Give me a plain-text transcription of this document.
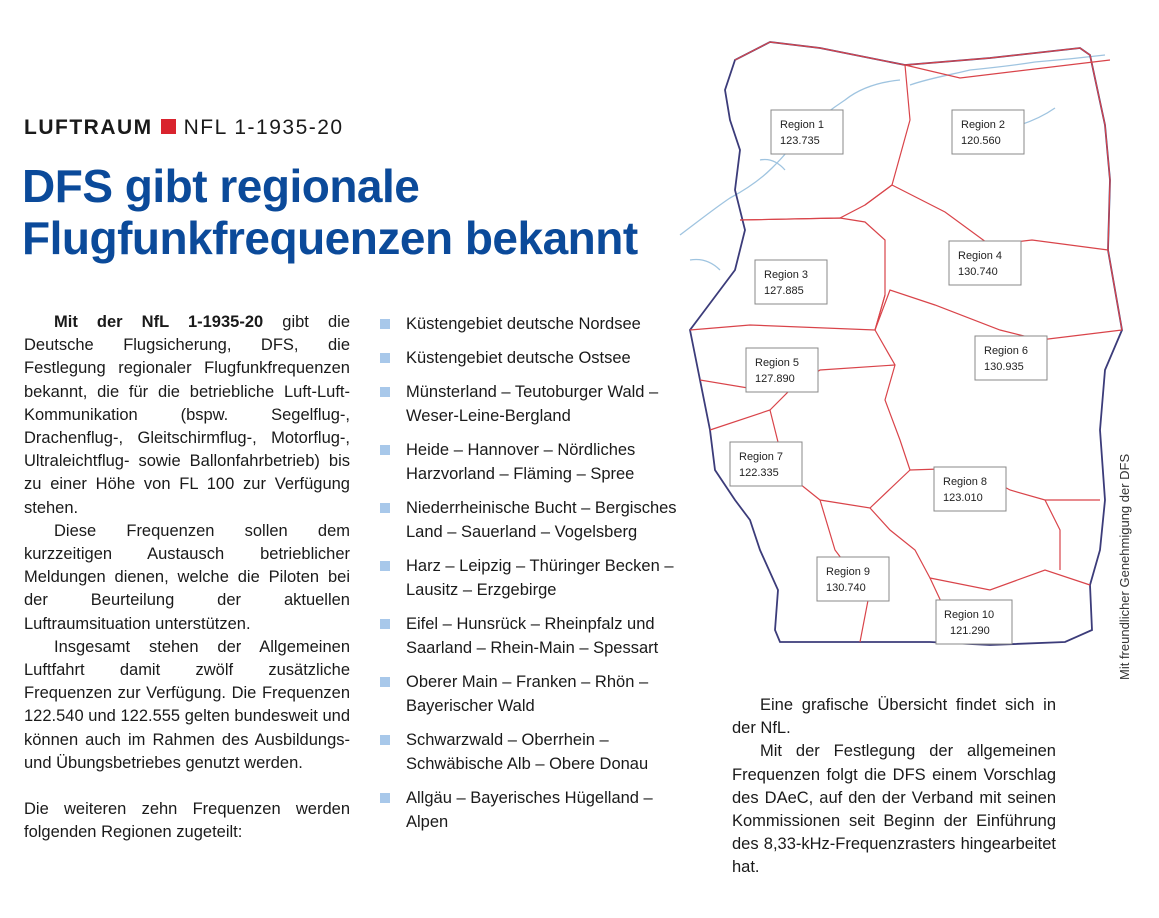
LUFTRAUM NFL 1-1935-20
DFS gibt regionale
Flugfunkfrequenzen bekannt

Mit der NfL 1-1935-20 gibt die Deutsche Flugsicherung, DFS, die Festlegung regionaler Flugfunkfrequenzen bekannt, die für die betriebliche Luft-Luft-Kommunikation (bspw. Segelflug-, Drachenflug-, Gleitschirmflug-, Motorflug-, Ultraleichtflug- sowie Ballonfahrbetrieb) bis zu einer Höhe von FL 100 zur Verfügung stehen.

Diese Frequenzen sollen dem kurzzeitigen Austausch betrieblicher Meldungen dienen, welche die Piloten bei der Beurteilung der aktuellen Luftraumsituation unterstützen.

Insgesamt stehen der Allgemeinen Luftfahrt damit zwölf zusätzliche Frequenzen zur Verfügung. Die Frequenzen 122.540 und 122.555 gelten bundesweit und können auch im Rahmen des Ausbildungs- und Übungsbetriebes genutzt werden.

Die weiteren zehn Frequenzen werden folgenden Regionen zugeteilt:

Küstengebiet deutsche Nordsee
Küstengebiet deutsche Ostsee
Münsterland – Teutoburger Wald – Weser-Leine-Bergland
Heide – Hannover – Nördliches Harzvorland – Fläming – Spree
Niederrheinische Bucht – Bergisches Land – Sauerland – Vogelsberg
Harz – Leipzig – Thüringer Becken – Lausitz – Erzgebirge
Eifel – Hunsrück – Rheinpfalz und Saarland – Rhein-Main – Spessart
Oberer Main – Franken – Rhön – Bayerischer Wald
Schwarzwald – Oberrhein – Schwäbische Alb – Obere Donau
Allgäu – Bayerisches Hügelland – Alpen
Region 1
123.735
Region 2
120.560
Region 3
127.885
Region 4
130.740
Region 5
127.890
Region 6
130.935
Region 7
122.335
Region 8
123.010
Region 9
130.740
Region 10
121.290	Mit freundlicher Genehmigung der DFS

Eine grafische Übersicht findet sich in der NfL.

Mit der Festlegung der allgemeinen Frequenzen folgt die DFS einem Vorschlag des DAeC, auf den der Verband mit seinen Kommissionen seit Beginn der Einführung des 8,33-kHz-Frequenzrasters hingearbeitet hat.
